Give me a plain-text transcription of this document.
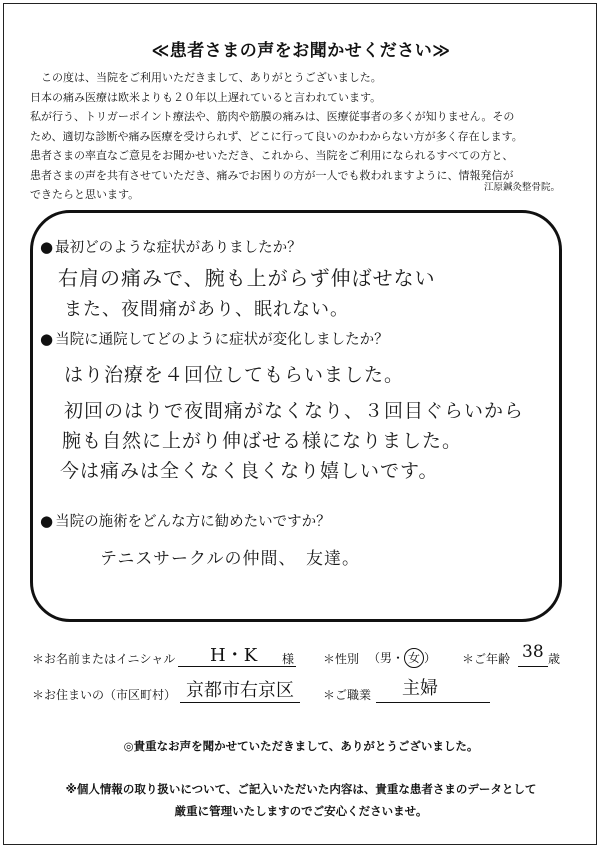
≪患者さまの声をお聞かせください≫

　この度は、当院をご利用いただきまして、ありがとうございました。

日本の痛み医療は欧米よりも２０年以上遅れていると言われています。

私が行う、トリガーポイント療法や、筋肉や筋膜の痛みは、医療従事者の多くが知りません。その

ため、適切な診断や痛み医療を受けられず、どこに行って良いのかわからない方が多く存在します。

患者さまの率直なご意見をお聞かせいただき、これから、当院をご利用になられるすべての方と、

患者さまの声を共有させていただき、痛みでお困りの方が一人でも救われますように、情報発信が

できたらと思います。

江原鍼灸整骨院。
● 最初どのような症状がありましたか？
右肩の痛みで、腕も上がらず伸ばせない
また、夜間痛があり、眠れない。
● 当院に通院してどのように症状が変化しましたか？
はり治療を４回位してもらいました。
初回のはりで夜間痛がなくなり、３回目ぐらいから
腕も自然に上がり伸ばせる様になりました。
今は痛みは全くなく良くなり嬉しいです。
● 当院の施術をどんな方に勧めたいですか？
テニスサークルの仲間、　友達。
＊お名前またはイニシャル H・K 様 ＊性別 （男・ 女 ） ＊ご年齢 38 歳
＊お住まいの（市区町村） 京都市右京区 ＊ご職業 主婦
◎貴重なお声を聞かせていただきまして、ありがとうございました。

※個人情報の取り扱いについて、ご記入いただいた内容は、貴重な患者さまのデータとして

厳重に管理いたしますのでご安心くださいませ。
